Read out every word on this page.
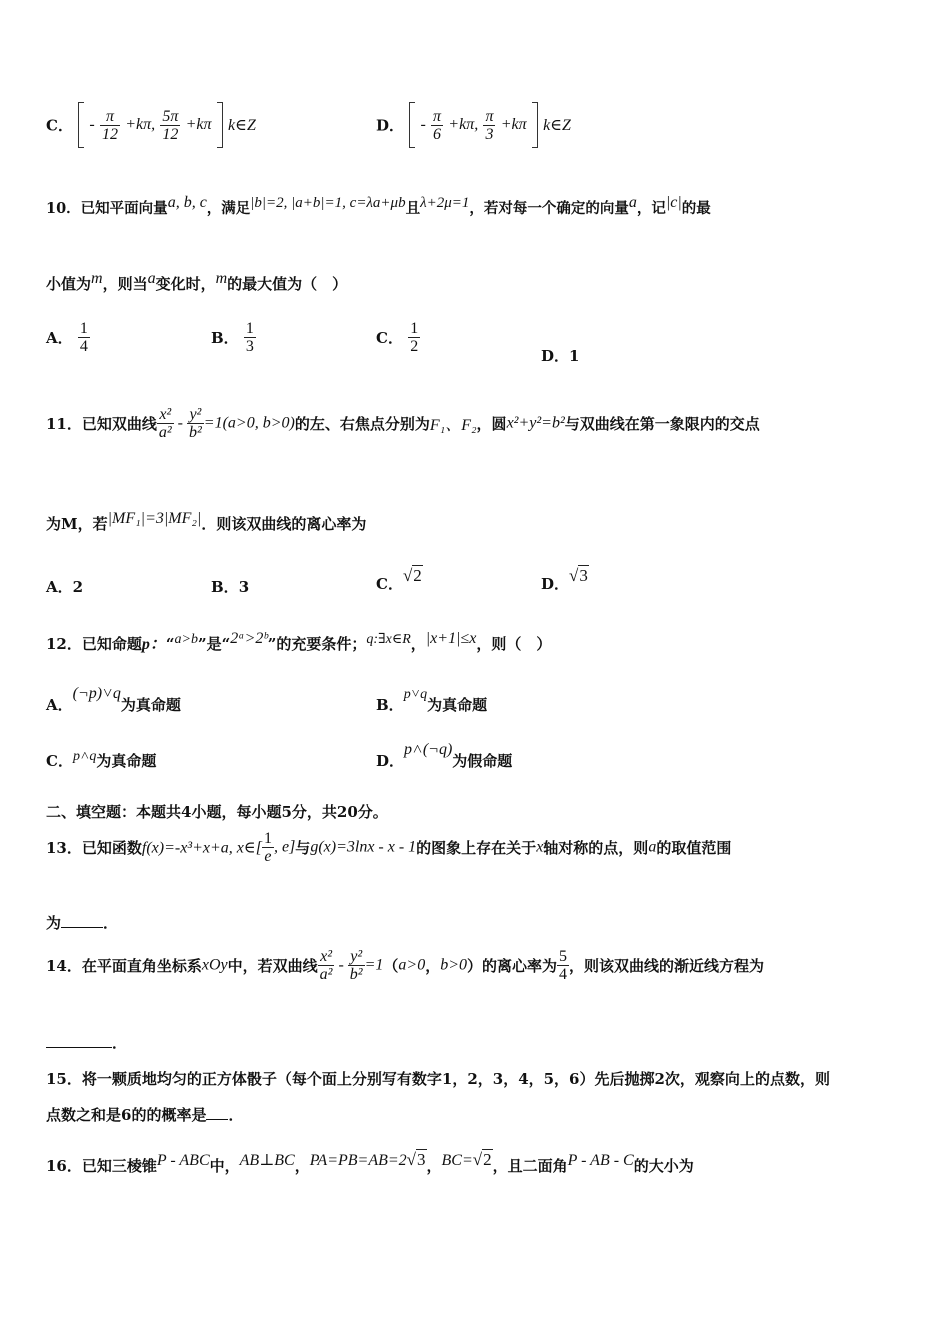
C． - $\frac{\pi}{12} +k\pi$, $\frac{5\pi}{12} +k\pi$ k∈Z	D． - $\frac{\pi}{6} +k\pi$, $\frac{\pi}{3} +k\pi$ k∈Z
10．已知平面向量a, b, c，满足|b|=2, |a+b|=1, c=λa+μb且λ+2μ=1，若对每一个确定的向量a，记|c|的最
小值为m，则当a变化时，m的最大值为（　）
A． $\frac{1}{4}$	B． $\frac{1}{3}$	C． $\frac{1}{2}$
D．1
11．已知双曲线 $\frac{\text{x²}}{\text{a²}} - \frac{\text{y²}}{\text{b²}} =1(a>0$, b>0)的左、右焦点分别为F₁、F₂，圆x²+y²=b²与双曲线在第一象限内的交点
为M，若|MF₁|=3|MF₂|．则该双曲线的离心率为
A．2	B．3	C．√2	D．√3
12．已知命题p：“a>b”是“2ᵃ>2ᵇ”的充要条件；q:∃x∈R，|x+1|≤x，则（　）
A．(¬p)˅q为真命题	B．p˅q为真命题
C．p˄q为真命题	D．p˄(¬q)为假命题
二、填空题：本题共4小题，每小题5分，共20分。
13．已知函数f(x)=-x³+x+a, x∈[ $\frac{1}{e}$ , e]与g(x)=3lnx - x - 1的图象上存在关于x轴对称的点，则a的取值范围
为	．
14．在平面直角坐标系xOy中，若双曲线 $\frac{\text{x²}}{\text{a²}} - \frac{\text{y²}}{\text{b²}} =1(a>0$，b>0）的离心率为 $\frac{5}{4}$ ，则该双曲线的渐近线方程为
．
15．将一颗质地均匀的正方体骰子（每个面上分别写有数字1，2，3，4，5，6）先后抛掷2次，观察向上的点数，则
点数之和是6的的概率是 ．
16．已知三棱锥P - ABC中，AB⊥BC，PA=PB=AB=2√3，BC=√2，且二面角P - AB - C的大小为
